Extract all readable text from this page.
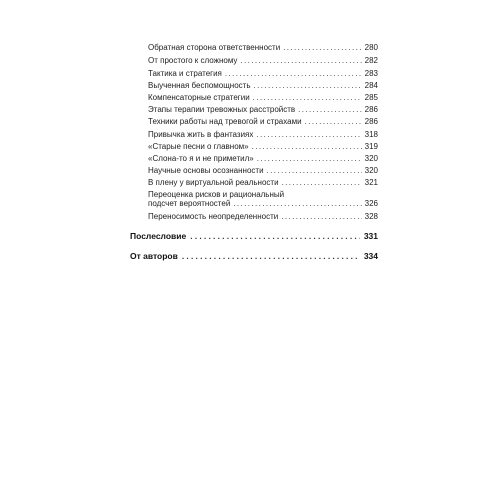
Обратная сторона ответственности .....	280
От простого к сложному .....	282
Тактика и стратегия .....	283
Выученная беспомощность .....	284
Компенсаторные стратегии .....	285
Этапы терапии тревожных расстройств .....	286
Техники работы над тревогой и страхами .....	286
Привычка жить в фантазиях .....	318
«Старые песни о главном» .....	319
«Слона-то я и не приметил» .....	320
Научные основы осознанности .....	320
В плену у виртуальной реальности .....	321
Переоценка рисков и рациональный
подсчет вероятностей .....	326
Переносимость неопределенности .....	328
Послесловие .....	331
От авторов .....	334
